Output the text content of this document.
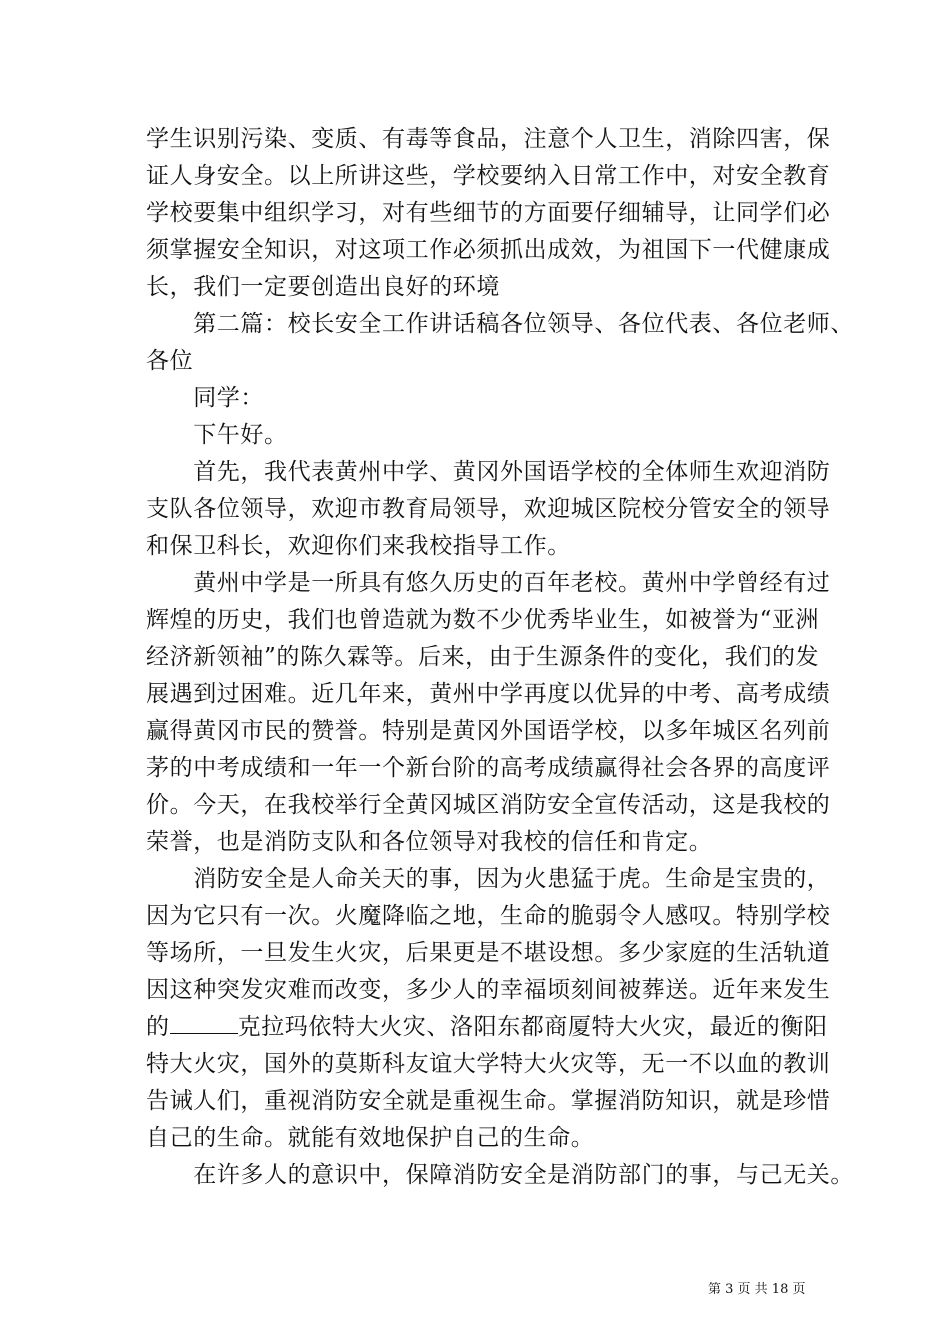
学生识别污染、变质、有毒等食品，注意个人卫生，消除四害，保
证人身安全。以上所讲这些，学校要纳入日常工作中，对安全教育
学校要集中组织学习，对有些细节的方面要仔细辅导，让同学们必
须掌握安全知识，对这项工作必须抓出成效，为祖国下一代健康成
长，我们一定要创造出良好的环境
　　第二篇：校长安全工作讲话稿各位领导、各位代表、各位老师、
各位
　　同学：
　　下午好。
　　首先，我代表黄州中学、黄冈外国语学校的全体师生欢迎消防
支队各位领导，欢迎市教育局领导，欢迎城区院校分管安全的领导
和保卫科长，欢迎你们来我校指导工作。
　　黄州中学是一所具有悠久历史的百年老校。黄州中学曾经有过
辉煌的历史，我们也曾造就为数不少优秀毕业生，如被誉为“亚洲
经济新领袖”的陈久霖等。后来，由于生源条件的变化，我们的发
展遇到过困难。近几年来，黄州中学再度以优异的中考、高考成绩
赢得黄冈市民的赞誉。特别是黄冈外国语学校，以多年城区名列前
茅的中考成绩和一年一个新台阶的高考成绩赢得社会各界的高度评
价。今天，在我校举行全黄冈城区消防安全宣传活动，这是我校的
荣誉，也是消防支队和各位领导对我校的信任和肯定。
　　消防安全是人命关天的事，因为火患猛于虎。生命是宝贵的，
因为它只有一次。火魔降临之地，生命的脆弱令人感叹。特别学校
等场所，一旦发生火灾，后果更是不堪设想。多少家庭的生活轨道
因这种突发灾难而改变，多少人的幸福顷刻间被葬送。近年来发生
的	克拉玛依特大火灾、洛阳东都商厦特大火灾，最近的衡阳
特大火灾，国外的莫斯科友谊大学特大火灾等，无一不以血的教训
告诫人们，重视消防安全就是重视生命。掌握消防知识，就是珍惜
自己的生命。就能有效地保护自己的生命。
　　在许多人的意识中，保障消防安全是消防部门的事，与己无关。
第 3 页 共 18 页
